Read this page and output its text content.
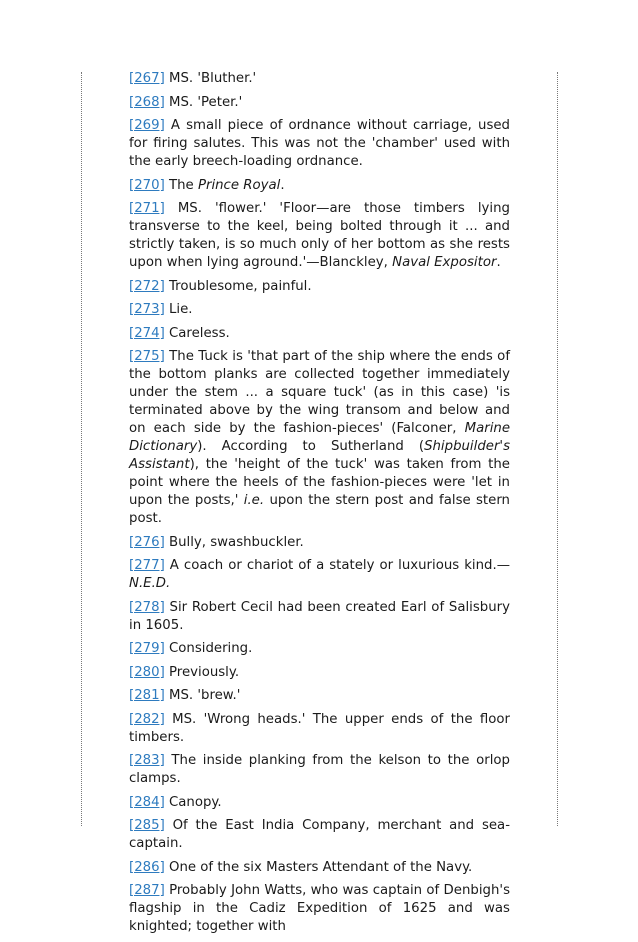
[267] MS. 'Bluther.'

[268] MS. 'Peter.'

[269] A small piece of ordnance without carriage, used for firing salutes. This was not the 'chamber' used with the early breech-loading ordnance.

[270] The Prince Royal.

[271] MS. 'flower.' 'Floor—are those timbers lying transverse to the keel, being bolted through it ... and strictly taken, is so much only of her bottom as she rests upon when lying aground.'—Blanckley, Naval Expositor.

[272] Troublesome, painful.

[273] Lie.

[274] Careless.

[275] The Tuck is 'that part of the ship where the ends of the bottom planks are collected together immediately under the stem ... a square tuck' (as in this case) 'is terminated above by the wing transom and below and on each side by the fashion-pieces' (Falconer, Marine Dictionary). According to Sutherland (Shipbuilder's Assistant), the 'height of the tuck' was taken from the point where the heels of the fashion-pieces were 'let in upon the posts,' i.e. upon the stern post and false stern post.

[276] Bully, swashbuckler.

[277] A coach or chariot of a stately or luxurious kind.—N.E.D.

[278] Sir Robert Cecil had been created Earl of Salisbury in 1605.

[279] Considering.

[280] Previously.

[281] MS. 'brew.'

[282] MS. 'Wrong heads.' The upper ends of the floor timbers.

[283] The inside planking from the kelson to the orlop clamps.

[284] Canopy.

[285] Of the East India Company, merchant and sea-captain.

[286] One of the six Masters Attendant of the Navy.

[287] Probably John Watts, who was captain of Denbigh's flagship in the Cadiz Expedition of 1625 and was knighted; together with
